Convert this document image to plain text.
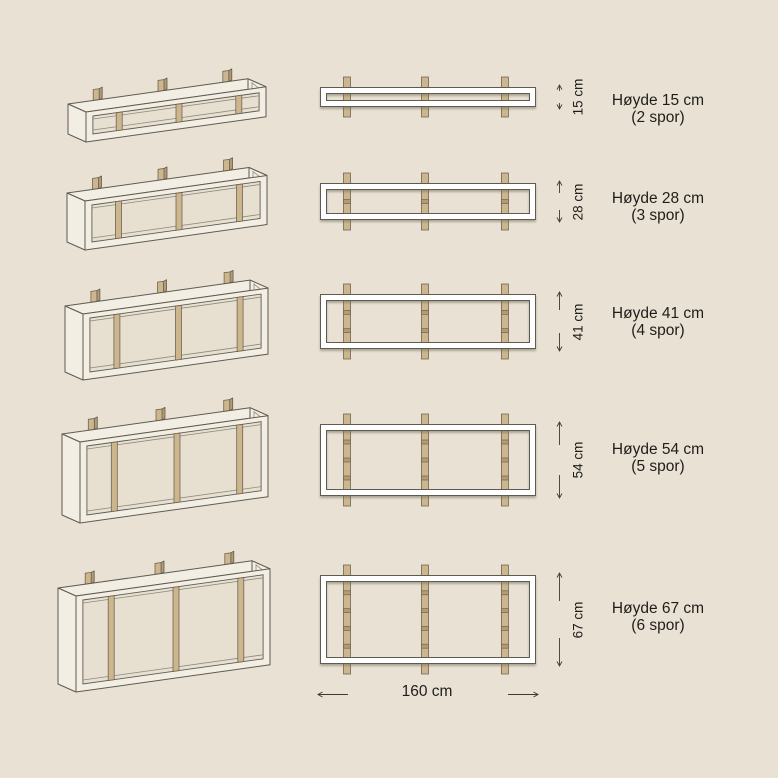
Høyde 15 cm
(2 spor)
Høyde 28 cm
(3 spor)
Høyde 41 cm
(4 spor)
Høyde 54 cm
(5 spor)
Høyde 67 cm
(6 spor)
15 cm
28 cm
41 cm
54 cm
67 cm
160 cm
